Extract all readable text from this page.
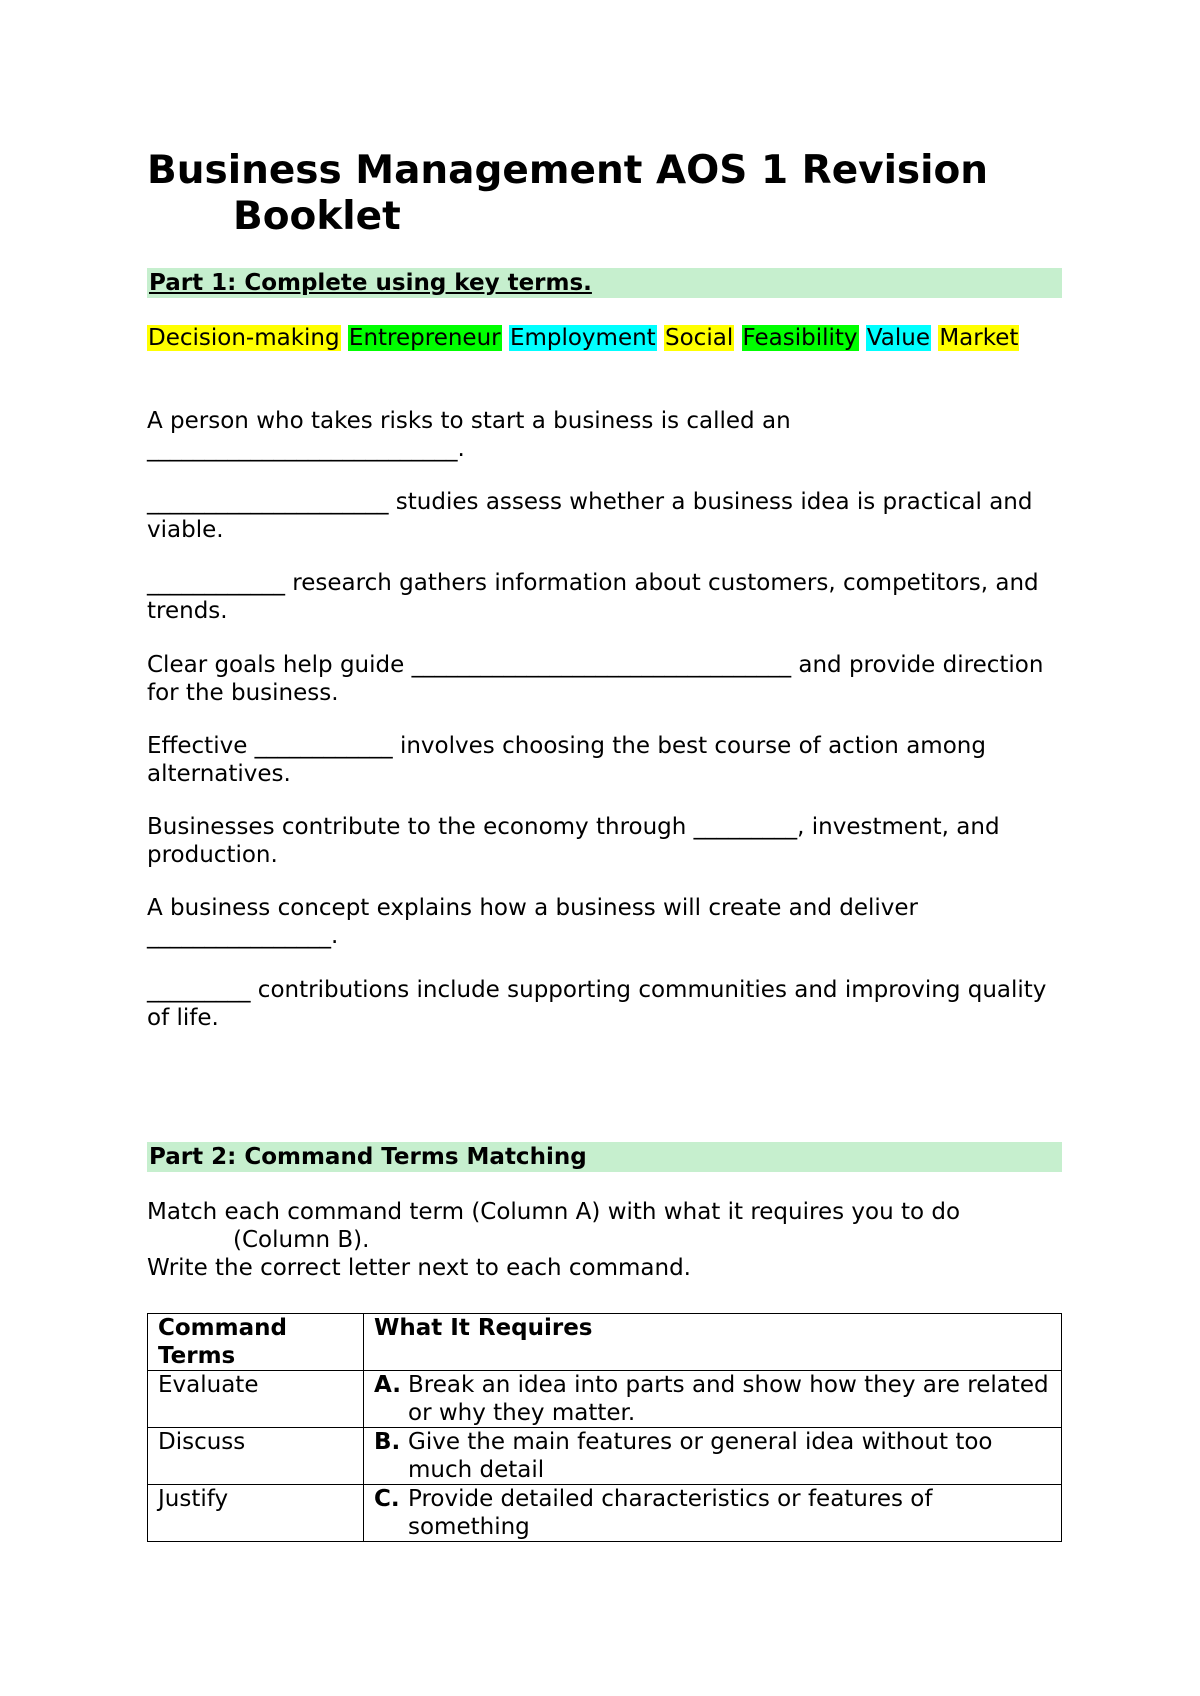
Business Management AOS 1 Revision
Booklet
Part 1: Complete using key terms.
Decision-making Entrepreneur Employment Social Feasibility Value Market

A person who takes risks to start a business is called an ___________________________.

_____________________ studies assess whether a business idea is practical and viable.

____________ research gathers information about customers, competitors, and trends.

Clear goals help guide _________________________________ and provide direction for the business.

Effective ____________ involves choosing the best course of action among alternatives.

Businesses contribute to the economy through _________, investment, and production.

A business concept explains how a business will create and deliver ________________.

_________ contributions include supporting communities and improving quality of life.

Part 2: Command Terms Matching
Match each command term (Column A) with what it requires you to do
(Column B).
Write the correct letter next to each command.
Command Terms	What It Requires
Evaluate	A. Break an idea into parts and show how they are related or why they matter.

Discuss	B. Give the main features or general idea without too much detail

Justify	C. Provide detailed characteristics or features of something
